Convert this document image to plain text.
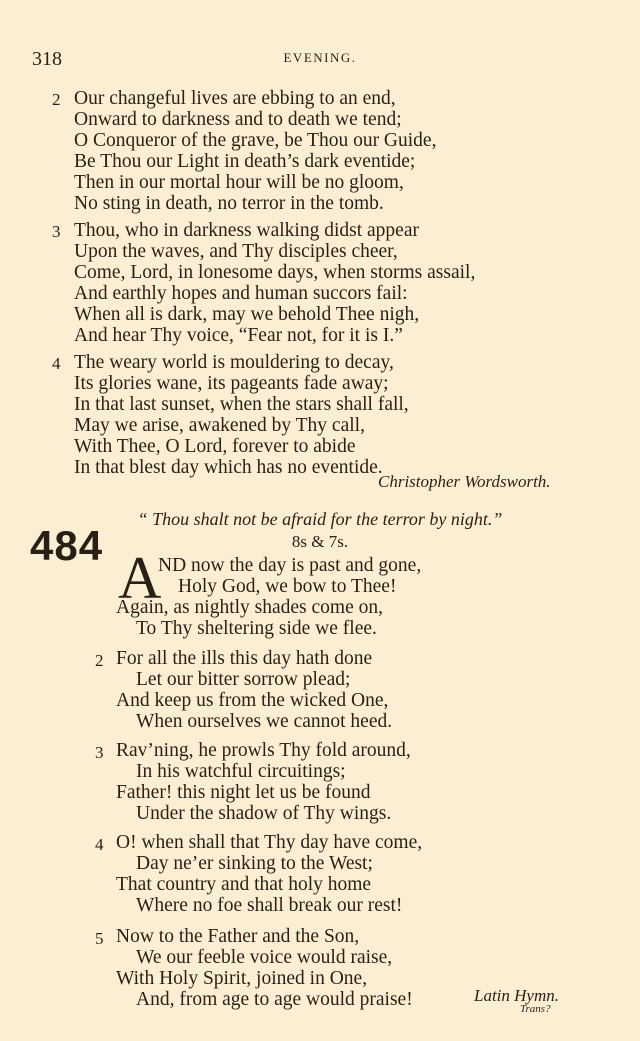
318	EVENING.
2 Our changeful lives are ebbing to an end,
Onward to darkness and to death we tend;
O Conqueror of the grave, be Thou our Guide,
Be Thou our Light in death’s dark eventide;
Then in our mortal hour will be no gloom,
No sting in death, no terror in the tomb.
3 Thou, who in darkness walking didst appear
Upon the waves, and Thy disciples cheer,
Come, Lord, in lonesome days, when storms assail,
And earthly hopes and human succors fail:
When all is dark, may we behold Thee nigh,
And hear Thy voice, “Fear not, for it is I.”
4 The weary world is mouldering to decay,
Its glories wane, its pageants fade away;
In that last sunset, when the stars shall fall,
May we arise, awakened by Thy call,
With Thee, O Lord, forever to abide
In that blest day which has no eventide.
Christopher Wordsworth.
“ Thou shalt not be afraid for the terror by night.”
8s & 7s.
484 A
ND now the day is past and gone,
Holy God, we bow to Thee!
Again, as nightly shades come on,
To Thy sheltering side we flee.
2 For all the ills this day hath done
Let our bitter sorrow plead;
And keep us from the wicked One,
When ourselves we cannot heed.
3 Rav’ning, he prowls Thy fold around,
In his watchful circuitings;
Father! this night let us be found
Under the shadow of Thy wings.
4 O! when shall that Thy day have come,
Day ne’er sinking to the West;
That country and that holy home
Where no foe shall break our rest!
5 Now to the Father and the Son,
We our feeble voice would raise,
With Holy Spirit, joined in One,
And, from age to age would praise!	Latin Hymn.
Trans?
